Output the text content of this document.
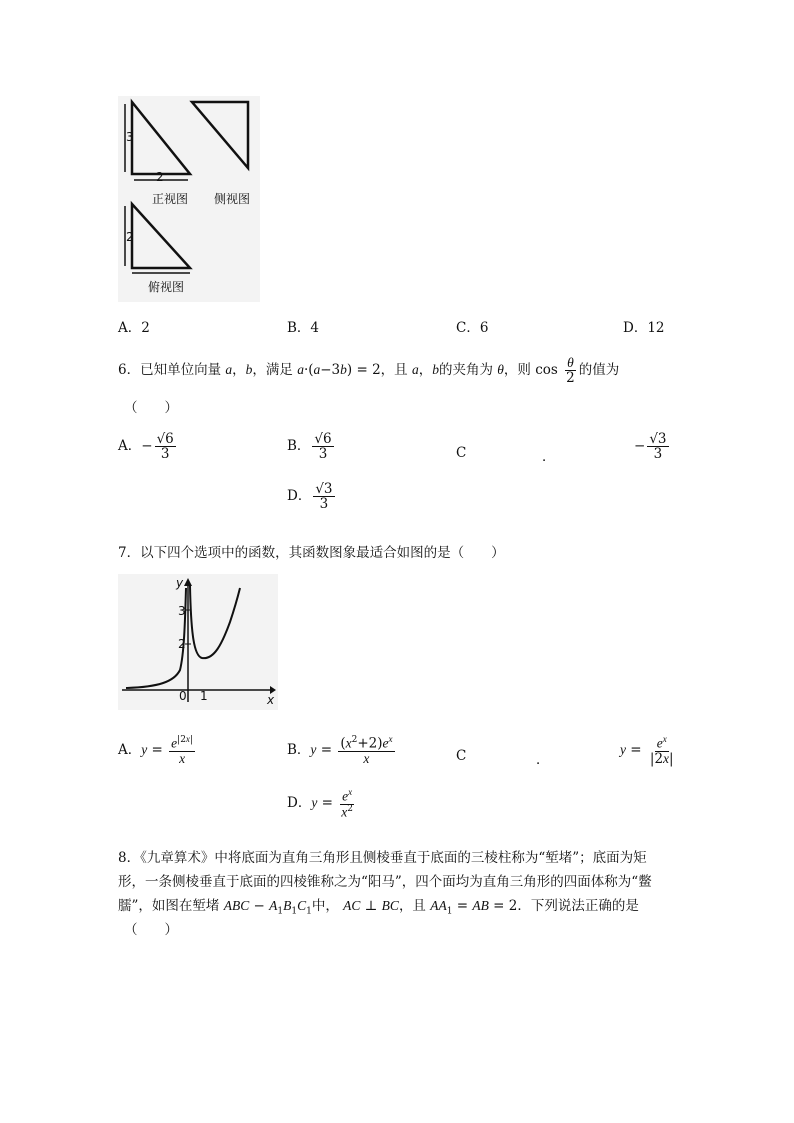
3
2
2
正视图 侧视图
俯视图
A．2	B．4	C．6	D．12
6．已知单位向量 a，b，满足 a·(a−3b) = 2，且 a，b的夹角为 θ，则 $\cos \frac{\theta}{2}$ 的值为
（　　）
A．− $\frac{√6}{3}$	B． $\frac{√6}{3}$	C	．
− $\frac{√3}{3}$
D． $\frac{√3}{3}$
7．以下四个选项中的函数，其函数图象最适合如图的是（　　）
y
3
2
0 1	x
A．$y = \frac{e^{|2x|}}{x}$	B．$y = \frac{(x^2+2)e^x}{x}$	C	．
$y = \frac{e^x}{|2x|}$
D．$y = \frac{e^x}{x^2}$
8．《九章算术》中将底面为直角三角形且侧棱垂直于底面的三棱柱称为“堑堵”；底面为矩
形，一条侧棱垂直于底面的四棱锥称之为“阳马”，四个面均为直角三角形的四面体称为“鳖
臑”，如图在堑堵 ABC − $A_1B_1C_1$中， AC ⊥ BC，且 $AA_1$ = AB = 2．下列说法正确的是
（　　）
